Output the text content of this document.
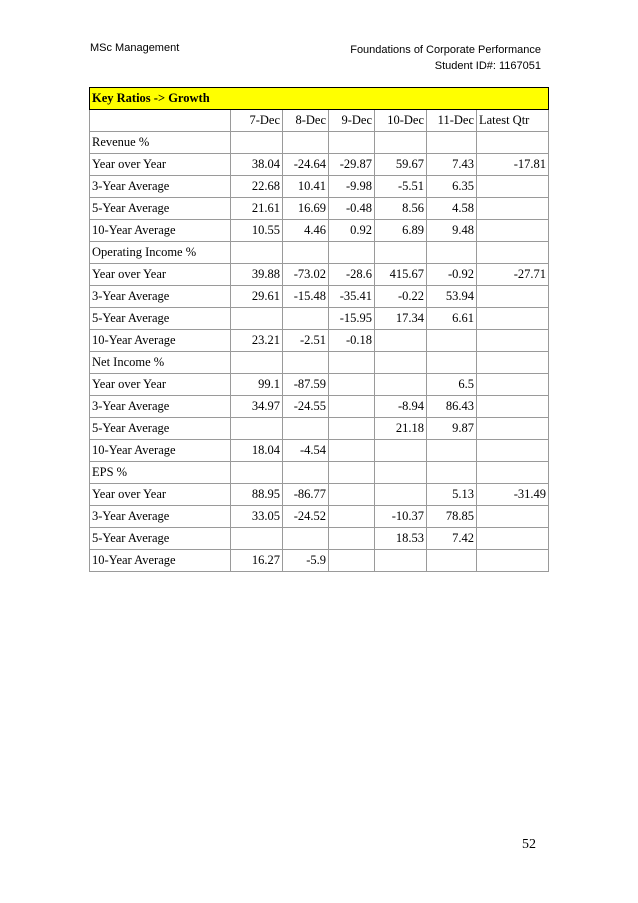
MSc Management	Foundations of Corporate Performance
Student ID#: 1167051
Key Ratios -> Growth						
	7-Dec	8-Dec	9-Dec	10-Dec	11-Dec	Latest Qtr
Revenue %						
Year over Year	38.04	-24.64	-29.87	59.67	7.43	-17.81
3-Year Average	22.68	10.41	-9.98	-5.51	6.35	
5-Year Average	21.61	16.69	-0.48	8.56	4.58	
10-Year Average	10.55	4.46	0.92	6.89	9.48	
Operating Income %						
Year over Year	39.88	-73.02	-28.6	415.67	-0.92	-27.71
3-Year Average	29.61	-15.48	-35.41	-0.22	53.94	
5-Year Average			-15.95	17.34	6.61	
10-Year Average	23.21	-2.51	-0.18			
Net Income %						
Year over Year	99.1	-87.59			6.5	
3-Year Average	34.97	-24.55		-8.94	86.43	
5-Year Average				21.18	9.87	
10-Year Average	18.04	-4.54				
EPS %						
Year over Year	88.95	-86.77			5.13	-31.49
3-Year Average	33.05	-24.52		-10.37	78.85	
5-Year Average				18.53	7.42	
10-Year Average	16.27	-5.9				
52
